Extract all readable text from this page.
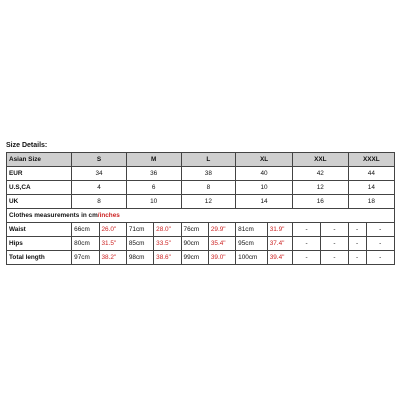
Size Details:
Asian Size	S		M		L		XL		XXL		XXXL	
EUR	34		36		38		40		42		44	
U.S,CA	4		6		8		10		12		14	
UK	8		10		12		14		16		18	
Clothes measurements in cm/inches												
Waist	66cm	26.0"	71cm	28.0"	76cm	29.9"	81cm	31.9"	-	-	-	-
Hips	80cm	31.5"	85cm	33.5"	90cm	35.4"	95cm	37.4"	-	-	-	-
Total length	97cm	38.2"	98cm	38.6"	99cm	39.0"	100cm	39.4"	-	-	-	-
